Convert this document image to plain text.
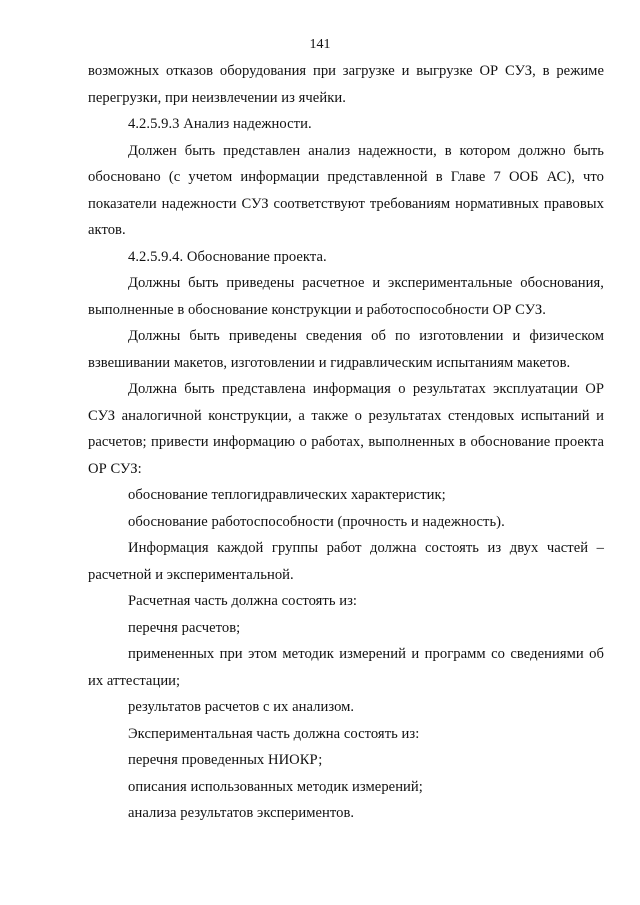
141

возможных отказов оборудования при загрузке и выгрузке ОР СУЗ, в режиме перегрузки, при неизвлечении из ячейки.

4.2.5.9.3 Анализ надежности.

Должен быть представлен анализ надежности, в котором должно быть обосновано (с учетом информации представленной в Главе 7 ООБ АС), что показатели надежности СУЗ соответствуют требованиям нормативных правовых актов.

4.2.5.9.4. Обоснование проекта.

Должны быть приведены расчетное и экспериментальные обоснования, выполненные в обоснование конструкции и работоспособности ОР СУЗ.

Должны быть приведены сведения об по изготовлении и физическом взвешивании макетов, изготовлении и гидравлическим испытаниям макетов.

Должна быть представлена информация о результатах эксплуатации ОР СУЗ аналогичной конструкции, а также о результатах стендовых испытаний и расчетов; привести информацию о работах, выполненных в обоснование проекта ОР СУЗ:

обоснование теплогидравлических характеристик;

обоснование работоспособности (прочность и надежность).

Информация каждой группы работ должна состоять из двух частей – расчетной и экспериментальной.

Расчетная часть должна состоять из:

перечня расчетов;

примененных при этом методик измерений и программ со сведениями об их аттестации;

результатов расчетов с их анализом.

Экспериментальная часть должна состоять из:

перечня проведенных НИОКР;

описания использованных методик измерений;

анализа результатов экспериментов.
